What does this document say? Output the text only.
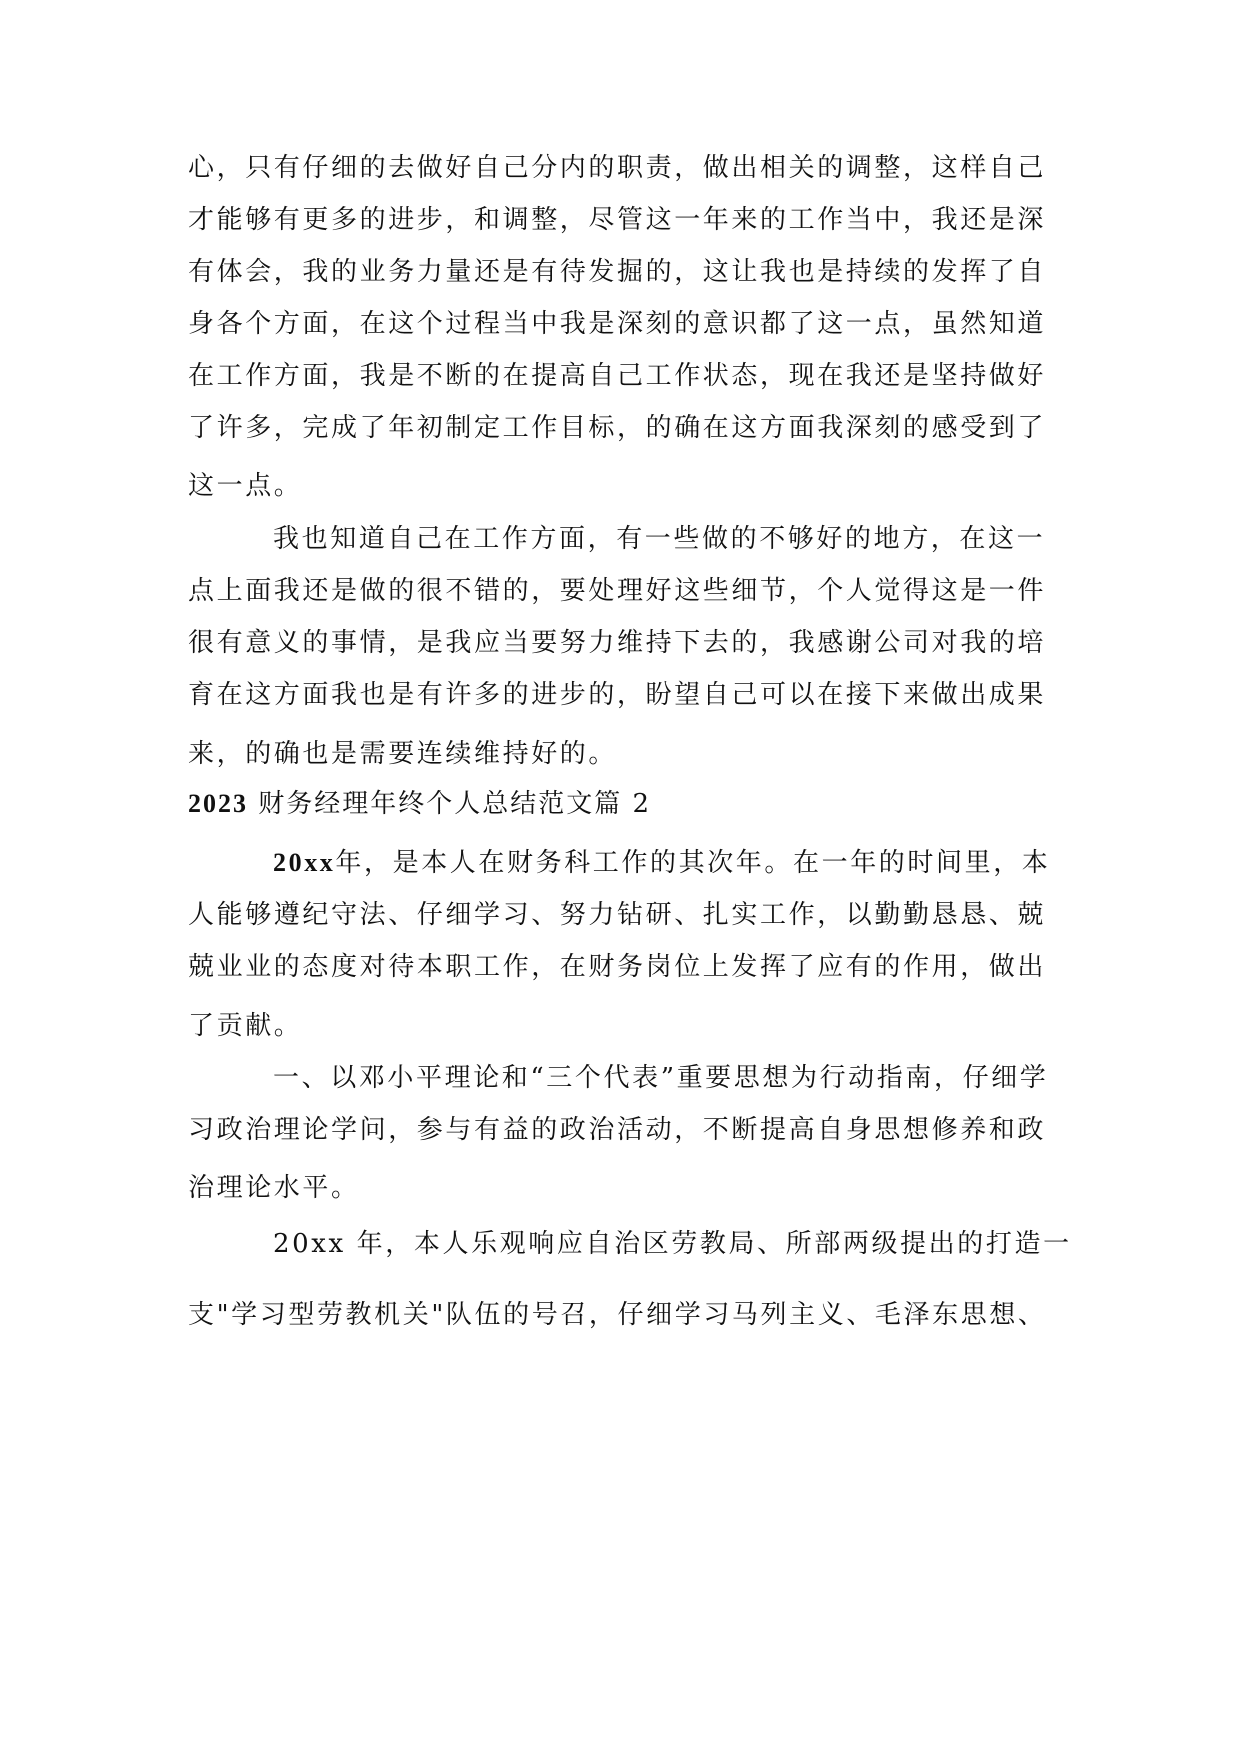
心，只有仔细的去做好自己分内的职责，做出相关的调整，这样自己

才能够有更多的进步，和调整，尽管这一年来的工作当中，我还是深

有体会，我的业务力量还是有待发掘的，这让我也是持续的发挥了自

身各个方面，在这个过程当中我是深刻的意识都了这一点，虽然知道

在工作方面，我是不断的在提高自己工作状态，现在我还是坚持做好

了许多，完成了年初制定工作目标，的确在这方面我深刻的感受到了

这一点。

我也知道自己在工作方面，有一些做的不够好的地方，在这一

点上面我还是做的很不错的，要处理好这些细节，个人觉得这是一件

很有意义的事情，是我应当要努力维持下去的，我感谢公司对我的培

育在这方面我也是有许多的进步的，盼望自己可以在接下来做出成果

来，的确也是需要连续维持好的。

2023 财务经理年终个人总结范文篇 2

20xx年，是本人在财务科工作的其次年。在一年的时间里，本

人能够遵纪守法、仔细学习、努力钻研、扎实工作，以勤勤恳恳、兢

兢业业的态度对待本职工作，在财务岗位上发挥了应有的作用，做出

了贡献。

一、以邓小平理论和“三个代表”重要思想为行动指南，仔细学

习政治理论学问，参与有益的政治活动，不断提高自身思想修养和政

治理论水平。

20xx 年，本人乐观响应自治区劳教局、所部两级提出的打造一

支"学习型劳教机关"队伍的号召，仔细学习马列主义、毛泽东思想、
